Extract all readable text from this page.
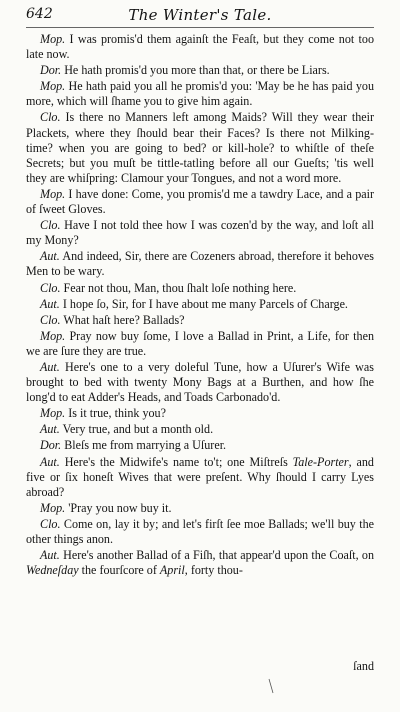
642	The Winter's Tale.

Mop. I was promis'd them againſt the Feaſt, but they come not too late now.

Dor. He hath promis'd you more than that, or there be Liars.

Mop. He hath paid you all he promis'd you: 'May be he has paid you more, which will ſhame you to give him again.

Clo. Is there no Manners left among Maids? Will they wear their Plackets, where they ſhould bear their Faces? Is there not Milking-time? when you are going to bed? or kill-hole? to whiſtle of theſe Secrets; but you muſt be tittle-tatling before all our Gueſts; 'tis well they are whiſpring: Clamour your Tongues, and not a word more.

Mop. I have done: Come, you promis'd me a tawdry Lace, and a pair of ſweet Gloves.

Clo. Have I not told thee how I was cozen'd by the way, and loſt all my Mony?

Aut. And indeed, Sir, there are Cozeners abroad, therefore it behoves Men to be wary.

Clo. Fear not thou, Man, thou ſhalt loſe nothing here.

Aut. I hope ſo, Sir, for I have about me many Parcels of Charge.

Clo. What haſt here? Ballads?

Mop. Pray now buy ſome, I love a Ballad in Print, a Life, for then we are ſure they are true.

Aut. Here's one to a very doleful Tune, how a Uſurer's Wife was brought to bed with twenty Mony Bags at a Burthen, and how ſhe long'd to eat Adder's Heads, and Toads Carbonado'd.

Mop. Is it true, think you?

Aut. Very true, and but a month old.

Dor. Bleſs me from marrying a Uſurer.

Aut. Here's the Midwife's name to't; one Miſtreſs Tale-Porter, and five or ſix honeſt Wives that were preſent. Why ſhould I carry Lyes abroad?

Mop. 'Pray you now buy it.

Clo. Come on, lay it by; and let's firſt ſee moe Ballads; we'll buy the other things anon.

Aut. Here's another Ballad of a Fiſh, that appear'd upon the Coaſt, on Wedneſday the fourſcore of April, forty thou-

ſand
